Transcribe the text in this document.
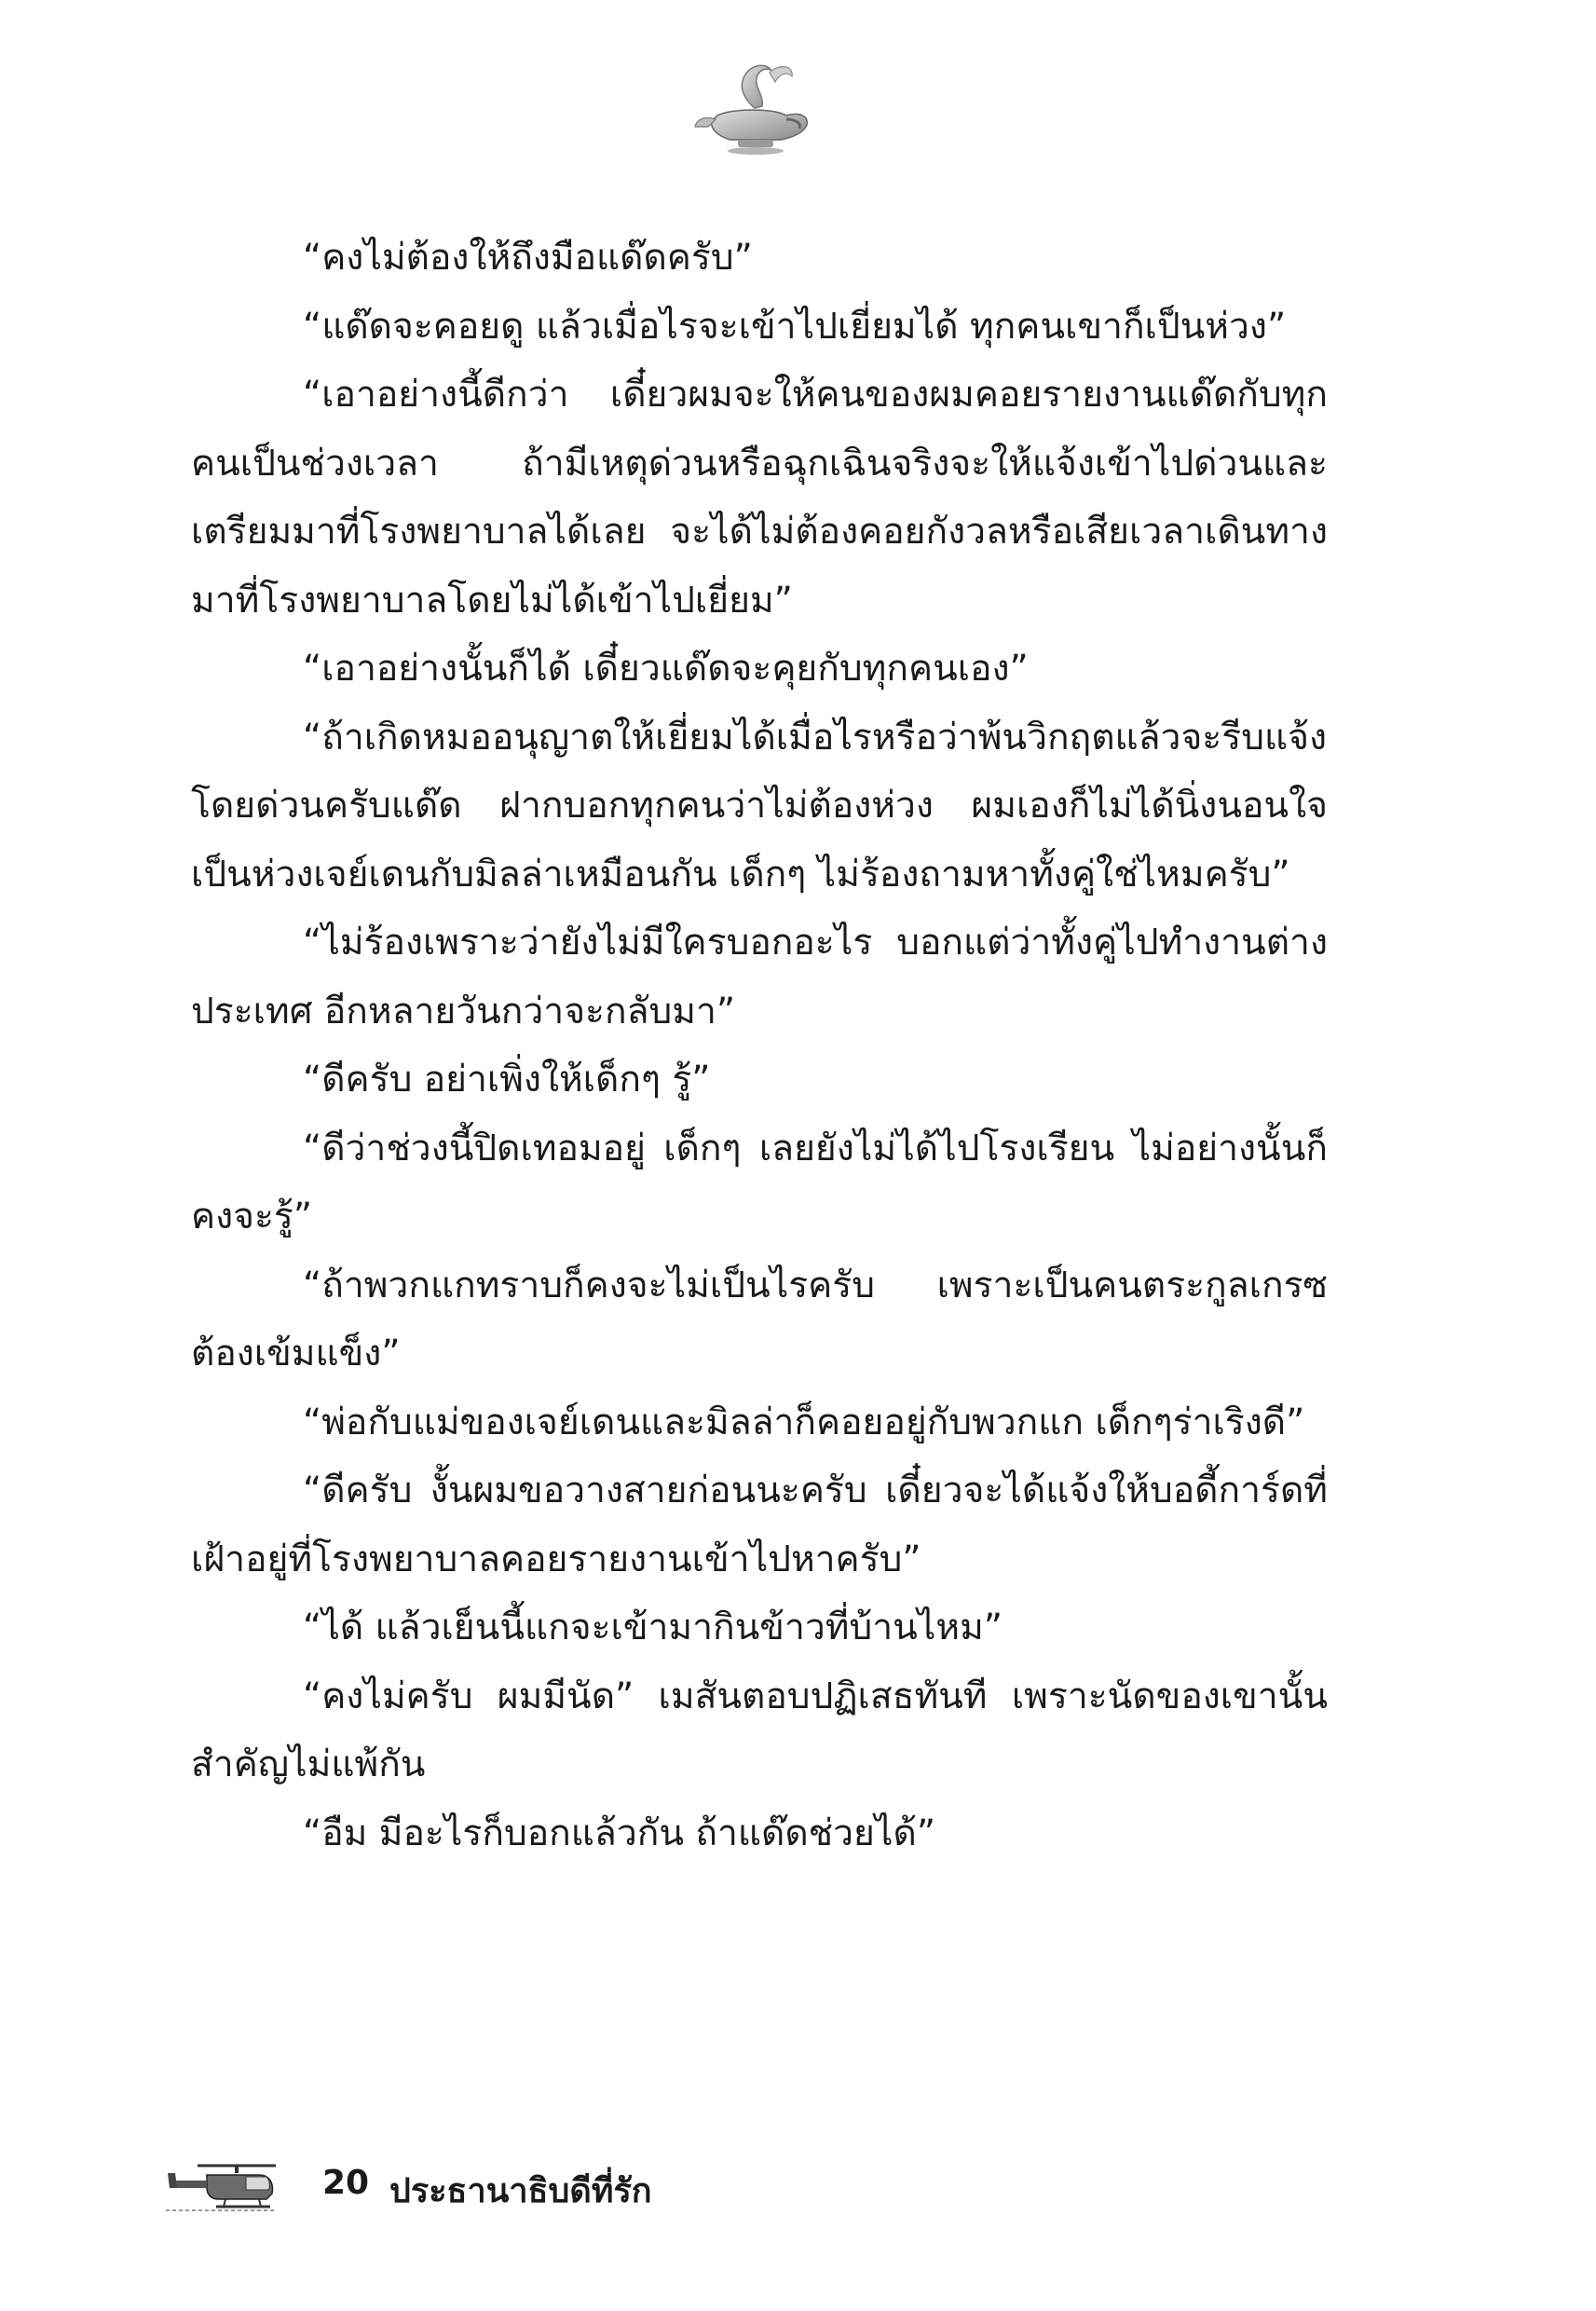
“คงไม่ต้องให้ถึงมือแด๊ดครับ”

“แด๊ดจะคอยดู แล้วเมื่อไรจะเข้าไปเยี่ยมได้ ทุกคนเขาก็เป็นห่วง”

“เอาอย่างนี้ดีกว่า เดี๋ยวผมจะให้คนของผมคอยรายงานแด๊ดกับทุกคนเป็นช่วงเวลา ถ้ามีเหตุด่วนหรือฉุกเฉินจริงจะให้แจ้งเข้าไปด่วนและเตรียมมาที่โรงพยาบาลได้เลย จะได้ไม่ต้องคอยกังวลหรือเสียเวลาเดินทางมาที่โรงพยาบาลโดยไม่ได้เข้าไปเยี่ยม”

“เอาอย่างนั้นก็ได้ เดี๋ยวแด๊ดจะคุยกับทุกคนเอง”

“ถ้าเกิดหมออนุญาตให้เยี่ยมได้เมื่อไรหรือว่าพ้นวิกฤตแล้วจะรีบแจ้งโดยด่วนครับแด๊ด ฝากบอกทุกคนว่าไม่ต้องห่วง ผมเองก็ไม่ได้นิ่งนอนใจ เป็นห่วงเจย์เดนกับมิลล่าเหมือนกัน เด็กๆ ไม่ร้องถามหาทั้งคู่ใช่ไหมครับ”

“ไม่ร้องเพราะว่ายังไม่มีใครบอกอะไร บอกแต่ว่าทั้งคู่ไปทำงานต่างประเทศ อีกหลายวันกว่าจะกลับมา”

“ดีครับ อย่าเพิ่งให้เด็กๆ รู้”

“ดีว่าช่วงนี้ปิดเทอมอยู่ เด็กๆ เลยยังไม่ได้ไปโรงเรียน ไม่อย่างนั้นก็คงจะรู้”

“ถ้าพวกแกทราบก็คงจะไม่เป็นไรครับ เพราะเป็นคนตระกูลเกรซต้องเข้มแข็ง”

“พ่อกับแม่ของเจย์เดนและมิลล่าก็คอยอยู่กับพวกแก เด็กๆร่าเริงดี”

“ดีครับ งั้นผมขอวางสายก่อนนะครับ เดี๋ยวจะได้แจ้งให้บอดี้การ์ดที่เฝ้าอยู่ที่โรงพยาบาลคอยรายงานเข้าไปหาครับ”

“ได้ แล้วเย็นนี้แกจะเข้ามากินข้าวที่บ้านไหม”

“คงไม่ครับ ผมมีนัด” เมสันตอบปฏิเสธทันที เพราะนัดของเขานั้นสำคัญไม่แพ้กัน

“อืม มีอะไรก็บอกแล้วกัน ถ้าแด๊ดช่วยได้”

20 ประธานาธิบดีที่รัก
